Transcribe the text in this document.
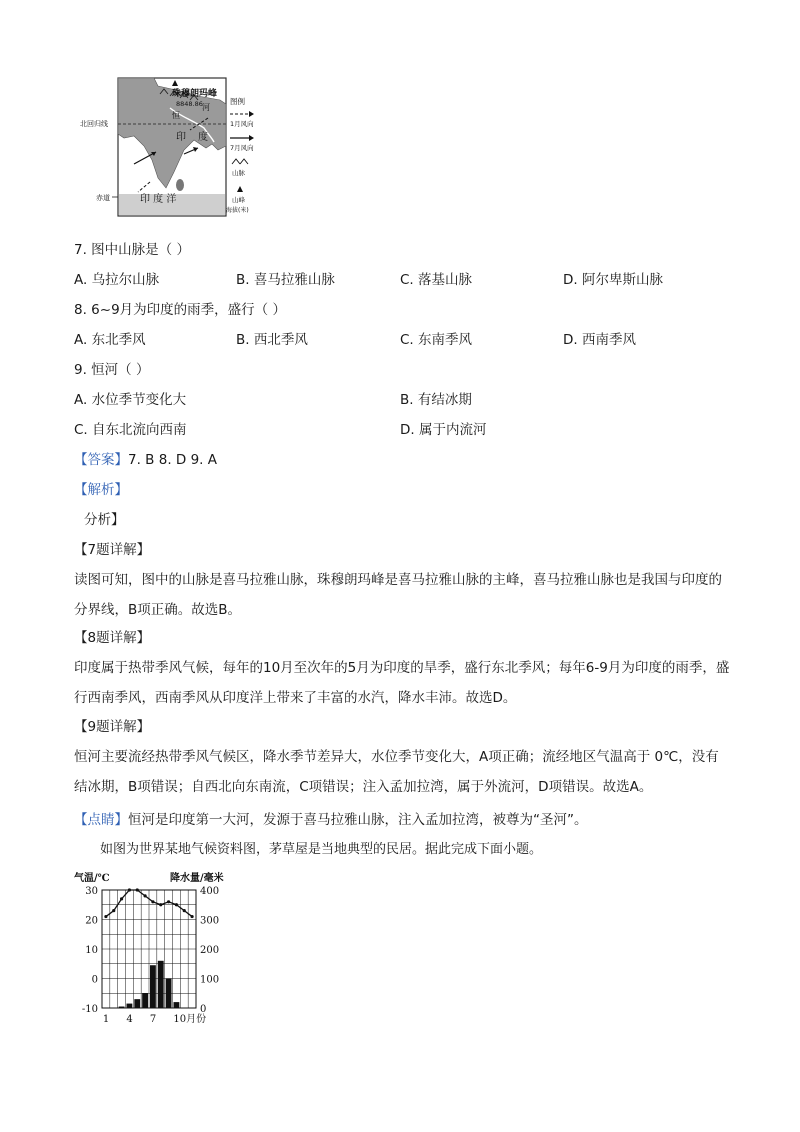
珠穆朗玛峰
8848.86
北回归线
赤道
印 度
恒
河
印 度 洋
图例
1月风向
7月风向
山脉
山峰
海拔(米)
7. 图中山脉是（ ）
A. 乌拉尔山脉	B. 喜马拉雅山脉	C. 落基山脉	D. 阿尔卑斯山脉
8. 6~9月为印度的雨季，盛行（ ）
A. 东北季风	B. 西北季风	C. 东南季风	D. 西南季风
9. 恒河（ ）
A. 水位季节变化大	B. 有结冰期
C. 自东北流向西南	D. 属于内流河
【答案】7. B 8. D 9. A
【解析】
分析】
【7题详解】
读图可知，图中的山脉是喜马拉雅山脉，珠穆朗玛峰是喜马拉雅山脉的主峰，喜马拉雅山脉也是我国与印度的分界线，B项正确。故选B。
【8题详解】
印度属于热带季风气候，每年的10月至次年的5月为印度的旱季，盛行东北季风；每年6-9月为印度的雨季，盛行西南季风，西南季风从印度洋上带来了丰富的水汽，降水丰沛。故选D。
【9题详解】
恒河主要流经热带季风气候区，降水季节差异大，水位季节变化大，A项正确；流经地区气温高于 0℃，没有结冰期，B项错误；自西北向东南流，C项错误；注入孟加拉湾，属于外流河，D项错误。故选A。
【点睛】恒河是印度第一大河，发源于喜马拉雅山脉，注入孟加拉湾，被尊为“圣河”。
如图为世界某地气候资料图，茅草屋是当地典型的民居。据此完成下面小题。
气温/℃	降水量/毫米
30
20
10
0
-10
400
300
200
100
0
1 4 7 10月份
